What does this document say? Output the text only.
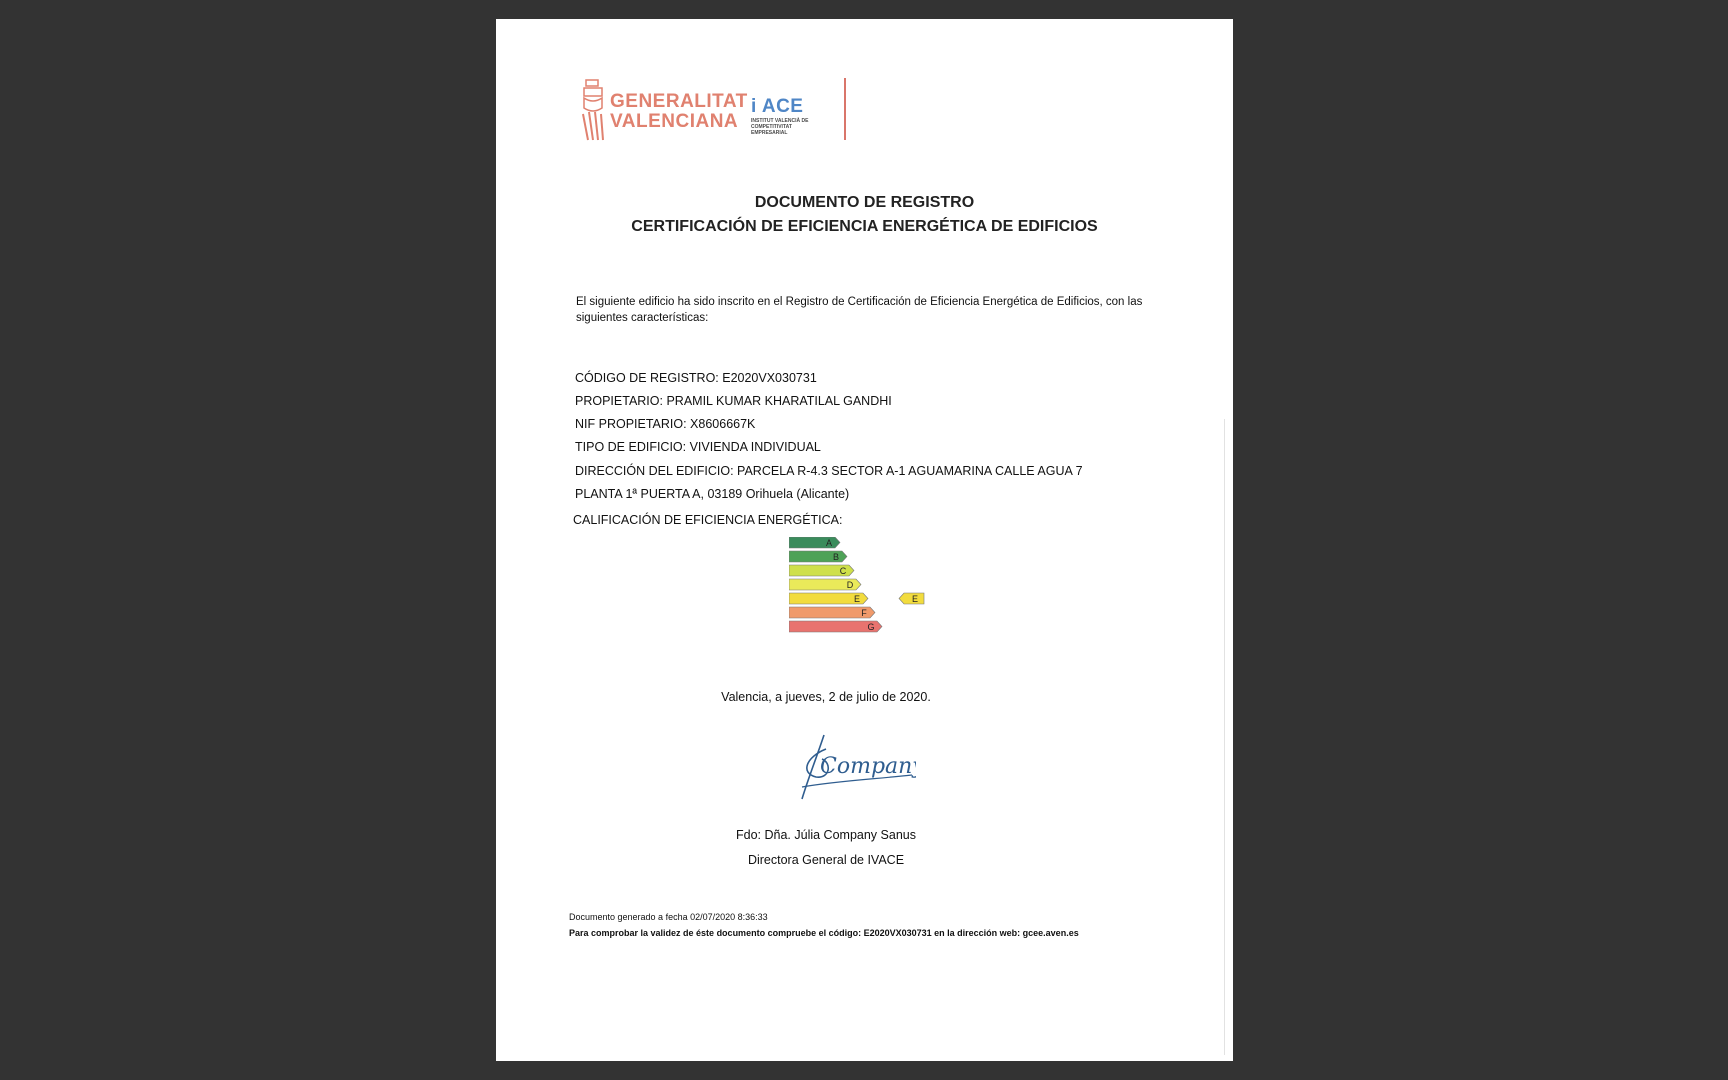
GENERALITAT
VALENCIANA
i ACE
INSTITUT VALENCIÀ DE COMPETITIVITAT EMPRESARIAL
DOCUMENTO DE REGISTRO
CERTIFICACIÓN DE EFICIENCIA ENERGÉTICA DE EDIFICIOS
El siguiente edificio ha sido inscrito en el Registro de Certificación de Eficiencia Energética de Edificios, con las siguientes características:
CÓDIGO DE REGISTRO: E2020VX030731
PROPIETARIO: PRAMIL KUMAR KHARATILAL GANDHI
NIF PROPIETARIO: X8606667K
TIPO DE EDIFICIO: VIVIENDA INDIVIDUAL
DIRECCIÓN DEL EDIFICIO: PARCELA R-4.3 SECTOR A-1 AGUAMARINA CALLE AGUA 7
PLANTA 1ª PUERTA A, 03189 Orihuela (Alicante)
CALIFICACIÓN DE EFICIENCIA ENERGÉTICA:
A
B
C
D
E
F
G
E
Valencia, a jueves, 2 de julio de 2020.
Company
Fdo: Dña. Júlia Company Sanus
Directora General de IVACE
Documento generado a fecha 02/07/2020 8:36:33
Para comprobar la validez de éste documento compruebe el código: E2020VX030731 en la dirección web: gcee.aven.es
